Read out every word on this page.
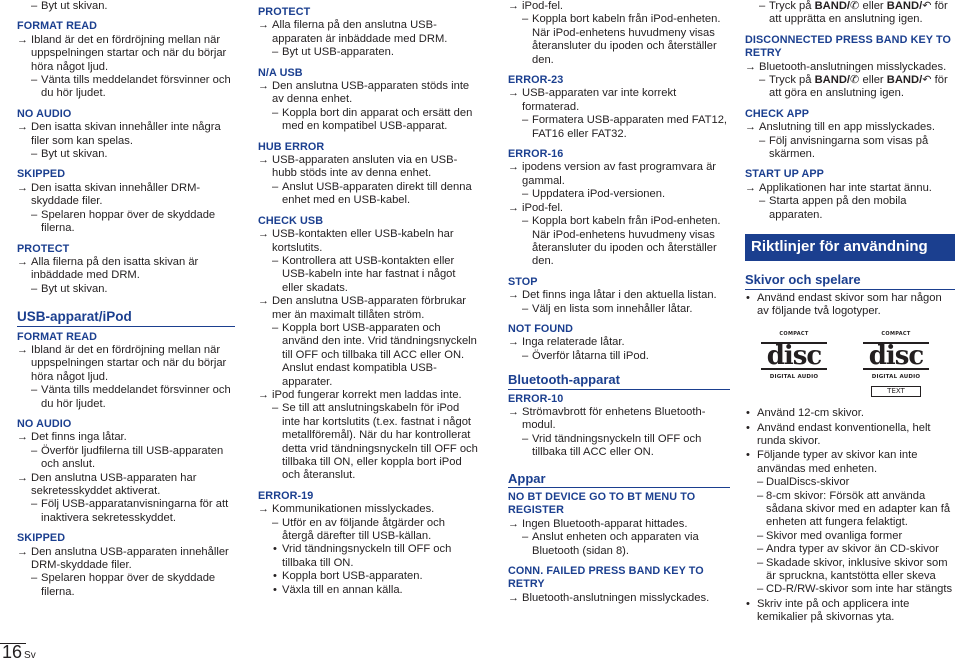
– Byt ut skivan.
FORMAT READ
→ Ibland är det en fördröjning mellan när uppspelningen startar och när du börjar höra något ljud.
– Vänta tills meddelandet försvinner och du hör ljudet.
NO AUDIO
→ Den isatta skivan innehåller inte några filer som kan spelas.
– Byt ut skivan.
SKIPPED
→ Den isatta skivan innehåller DRM-skyddade filer.
– Spelaren hoppar över de skyddade filerna.
PROTECT
→ Alla filerna på den isatta skivan är inbäddade med DRM.
– Byt ut skivan.
USB-apparat/iPod
FORMAT READ
→ Ibland är det en fördröjning mellan när uppspelningen startar och när du börjar höra något ljud.
– Vänta tills meddelandet försvinner och du hör ljudet.
NO AUDIO
→ Det finns inga låtar.
– Överför ljudfilerna till USB-apparaten och anslut.
→ Den anslutna USB-apparaten har sekretesskyddet aktiverat.
– Följ USB-apparatanvisningarna för att inaktivera sekretesskyddet.
SKIPPED
→ Den anslutna USB-apparaten innehåller DRM-skyddade filer.
– Spelaren hoppar över de skyddade filerna.
PROTECT
→ Alla filerna på den anslutna USB-apparaten är inbäddade med DRM.
– Byt ut USB-apparaten.
N/A USB
→ Den anslutna USB-apparaten stöds inte av denna enhet.
– Koppla bort din apparat och ersätt den med en kompatibel USB-apparat.
HUB ERROR
→ USB-apparaten ansluten via en USB-hubb stöds inte av denna enhet.
– Anslut USB-apparaten direkt till denna enhet med en USB-kabel.
CHECK USB
→ USB-kontakten eller USB-kabeln har kortslutits.
– Kontrollera att USB-kontakten eller USB-kabeln inte har fastnat i något eller skadats.
→ Den anslutna USB-apparaten förbrukar mer än maximalt tillåten ström.
– Koppla bort USB-apparaten och använd den inte. Vrid tändningsnyckeln till OFF och tillbaka till ACC eller ON. Anslut endast kompatibla USB-apparater.
→ iPod fungerar korrekt men laddas inte.
– Se till att anslutningskabeln för iPod inte har kortslutits (t.ex. fastnat i något metallföremål). När du har kontrollerat detta vrid tändningsnyckeln till OFF och tillbaka till ON, eller koppla bort iPod och återanslut.
ERROR-19
→ Kommunikationen misslyckades.
– Utför en av följande åtgärder och återgå därefter till USB-källan.
• Vrid tändningsnyckeln till OFF och tillbaka till ON.
• Koppla bort USB-apparaten.
• Växla till en annan källa.
→ iPod-fel.
– Koppla bort kabeln från iPod-enheten. När iPod-enhetens huvudmeny visas återansluter du ipoden och återställer den.
ERROR-23
→ USB-apparaten var inte korrekt formaterad.
– Formatera USB-apparaten med FAT12, FAT16 eller FAT32.
ERROR-16
→ ipodens version av fast programvara är gammal.
– Uppdatera iPod-versionen.
→ iPod-fel.
– Koppla bort kabeln från iPod-enheten. När iPod-enhetens huvudmeny visas återansluter du ipoden och återställer den.
STOP
→ Det finns inga låtar i den aktuella listan.
– Välj en lista som innehåller låtar.
NOT FOUND
→ Inga relaterade låtar.
– Överför låtarna till iPod.
Bluetooth-apparat
ERROR-10
→ Strömavbrott för enhetens Bluetooth-modul.
– Vrid tändningsnyckeln till OFF och tillbaka till ACC eller ON.
Appar
NO BT DEVICE GO TO BT MENU TO REGISTER
→ Ingen Bluetooth-apparat hittades.
– Anslut enheten och apparaten via Bluetooth (sidan 8).
CONN. FAILED PRESS BAND KEY TO RETRY
→ Bluetooth-anslutningen misslyckades.
– Tryck på BAND/✆ eller BAND/↶ för att upprätta en anslutning igen.
DISCONNECTED PRESS BAND KEY TO RETRY
→ Bluetooth-anslutningen misslyckades.
– Tryck på BAND/✆ eller BAND/↶ för att göra en anslutning igen.
CHECK APP
→ Anslutning till en app misslyckades.
– Följ anvisningarna som visas på skärmen.
START UP APP
→ Applikationen har inte startat ännu.
– Starta appen på den mobila apparaten.
Riktlinjer för användning
Skivor och spelare
• Använd endast skivor som har någon av följande två logotyper.
COMPACT
disc
DIGITAL AUDIO
COMPACT
disc
DIGITAL AUDIO
TEXT
• Använd 12-cm skivor.
• Använd endast konventionella, helt runda skivor.
• Följande typer av skivor kan inte användas med enheten.
– DualDiscs-skivor
– 8-cm skivor: Försök att använda sådana skivor med en adapter kan få enheten att fungera felaktigt.
– Skivor med ovanliga former
– Andra typer av skivor än CD-skivor
– Skadade skivor, inklusive skivor som är spruckna, kantstötta eller skeva
– CD-R/RW-skivor som inte har stängts
• Skriv inte på och applicera inte kemikalier på skivornas yta.
16 Sv
